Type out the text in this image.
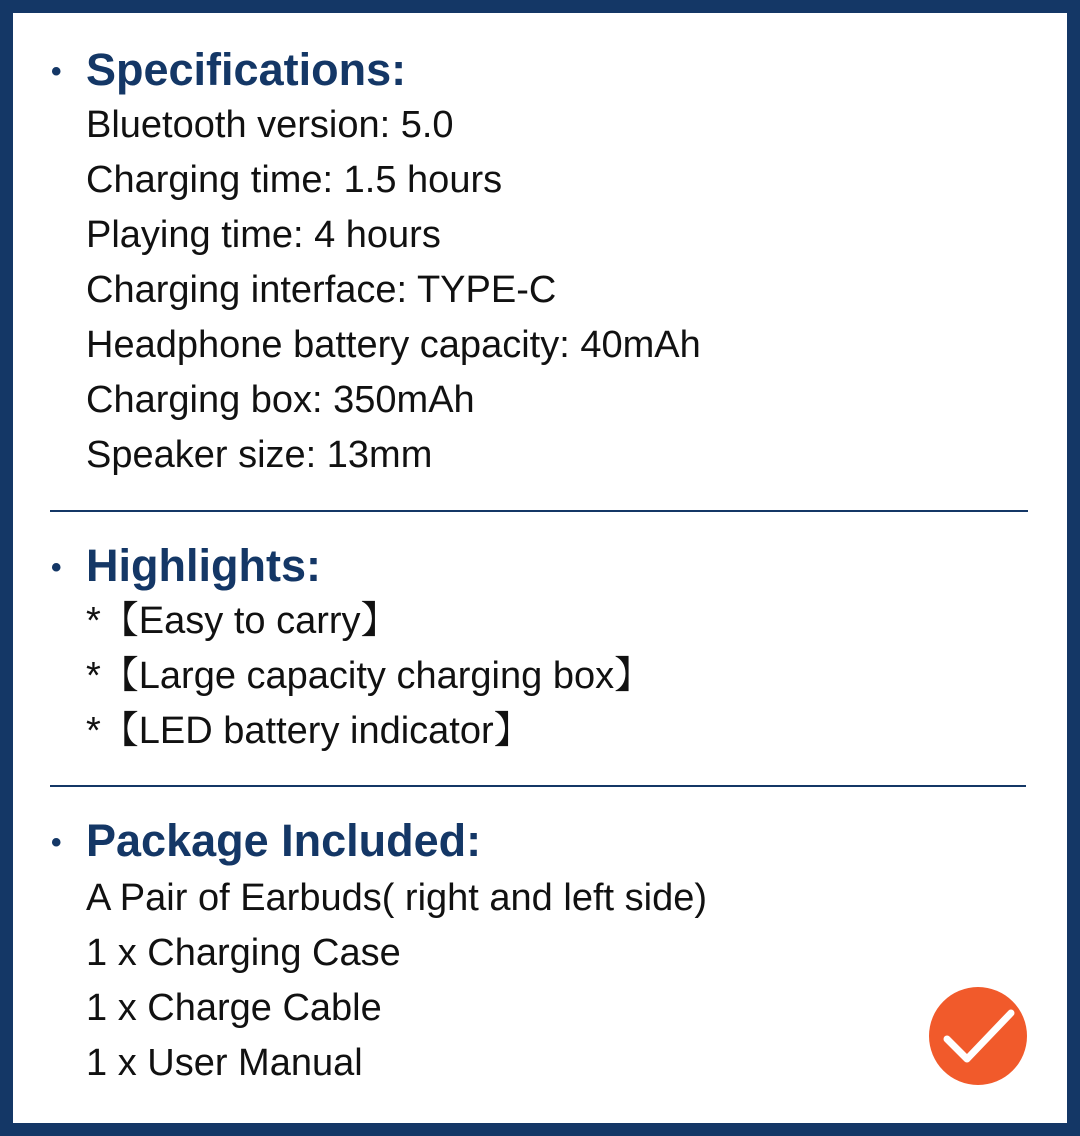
• Specifications:
Bluetooth version: 5.0
Charging time: 1.5 hours
Playing time: 4 hours
Charging interface: TYPE-C
Headphone battery capacity: 40mAh
Charging box: 350mAh
Speaker size: 13mm
• Highlights:
*【Easy to carry】
*【Large capacity charging box】
*【LED battery indicator】
• Package Included:
A Pair of Earbuds( right and left side)
1 x Charging Case
1 x Charge Cable
1 x User Manual
